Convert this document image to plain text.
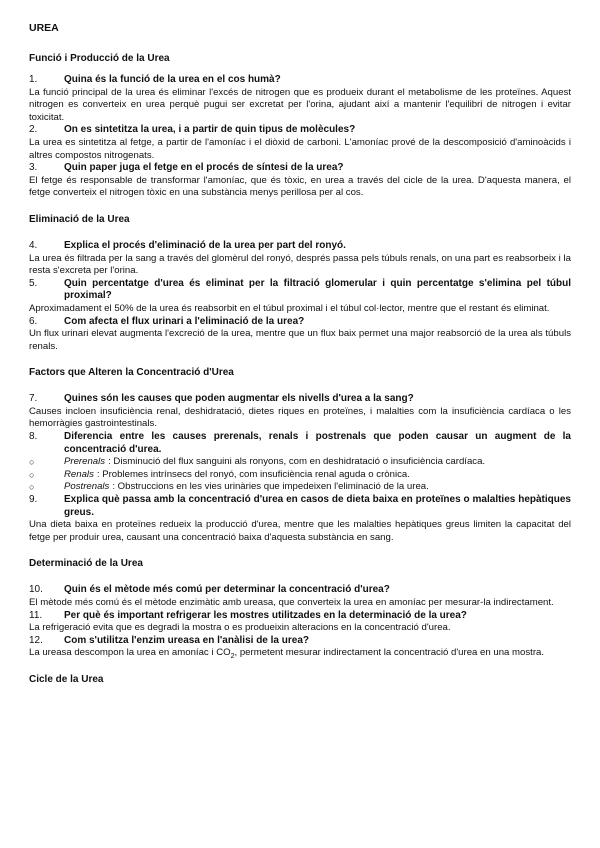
UREA

Funció i Producció de la Urea

1.	Quina és la funció de la urea en el cos humà?

La funció principal de la urea és eliminar l'excés de nitrogen que es produeix durant el metabolisme de les proteïnes. Aquest nitrogen es converteix en urea perquè pugui ser excretat per l'orina, ajudant així a mantenir l'equilibri de nitrogen i evitar toxicitat.

2.	On es sintetitza la urea, i a partir de quin tipus de molècules?

La urea es sintetitza al fetge, a partir de l'amoníac i el diòxid de carboni. L'amoníac prové de la descomposició d'aminoàcids i altres compostos nitrogenats.

3.	Quin paper juga el fetge en el procés de síntesi de la urea?

El fetge és responsable de transformar l'amoníac, que és tòxic, en urea a través del cicle de la urea. D'aquesta manera, el fetge converteix el nitrogen tòxic en una substància menys perillosa per al cos.

Eliminació de la Urea

4.	Explica el procés d'eliminació de la urea per part del ronyó.

La urea és filtrada per la sang a través del glomèrul del ronyó, després passa pels túbuls renals, on una part es reabsorbeix i la resta s'excreta per l'orina.

5.	Quin percentatge d'urea és eliminat per la filtració glomerular i quin percentatge s'elimina pel túbul proximal?

Aproximadament el 50% de la urea és reabsorbit en el túbul proximal i el túbul col·lector, mentre que el restant és eliminat.

6.	Com afecta el flux urinari a l'eliminació de la urea?

Un flux urinari elevat augmenta l'excreció de la urea, mentre que un flux baix permet una major reabsorció de la urea als túbuls renals.

Factors que Alteren la Concentració d'Urea

7.	Quines són les causes que poden augmentar els nivells d'urea a la sang?

Causes incloen insuficiència renal, deshidratació, dietes riques en proteïnes, i malalties com la insuficiència cardíaca o les hemorràgies gastrointestinals.

8.	Diferencia entre les causes prerenals, renals i postrenals que poden causar un augment de la concentració d'urea.
○	Prerenals : Disminució del flux sanguini als ronyons, com en deshidratació o insuficiència cardíaca.
○	Renals : Problemes intrínsecs del ronyó, com insuficiència renal aguda o crònica.
○	Postrenals : Obstruccions en les vies urinàries que impedeixen l'eliminació de la urea.
9.	Explica què passa amb la concentració d'urea en casos de dieta baixa en proteïnes o malalties hepàtiques greus.

Una dieta baixa en proteïnes redueix la producció d'urea, mentre que les malalties hepàtiques greus limiten la capacitat del fetge per produir urea, causant una concentració baixa d'aquesta substància en sang.

Determinació de la Urea

10.	Quin és el mètode més comú per determinar la concentració d'urea?

El mètode més comú és el mètode enzimàtic amb ureasa, que converteix la urea en amoníac per mesurar-la indirectament.

11.	Per què és important refrigerar les mostres utilitzades en la determinació de la urea?

La refrigeració evita que es degradi la mostra o es produeixin alteracions en la concentració d'urea.

12.	Com s'utilitza l'enzim ureasa en l'anàlisi de la urea?

La ureasa descompon la urea en amoníac i $CO_2$, permetent mesurar indirectament la concentració d'urea en una mostra.

Cicle de la Urea
